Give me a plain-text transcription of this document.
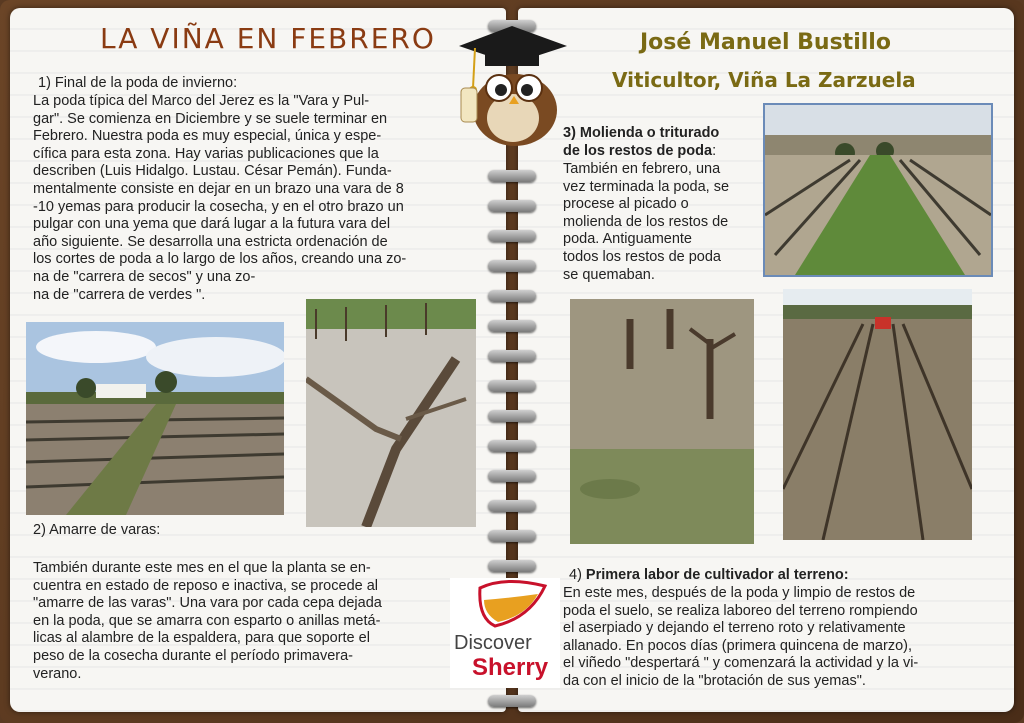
LA VIÑA EN FEBRERO	José Manuel Bustillo
Viticultor, Viña La Zarzuela
1) Final de la poda de invierno:
La poda típica del Marco del Jerez es la "Vara y Pul-
gar". Se comienza en Diciembre y se suele terminar en
Febrero. Nuestra poda es muy especial, única y espe-
cífica para esta zona. Hay varias publicaciones que la
describen (Luis Hidalgo. Lustau. César Pemán). Funda-
mentalmente consiste en dejar en un brazo una vara de 8
-10 yemas para producir la cosecha, y en el otro brazo un
pulgar con una yema que dará lugar a la futura vara del
año siguiente. Se desarrolla una estricta ordenación de
los cortes de poda a lo largo de los años, creando una zo-
na de "carrera de secos" y una zo-
na de "carrera de verdes ".
2) Amarre de varas:
También durante este mes en el que la planta se en-
cuentra en estado de reposo e inactiva, se procede al
"amarre de las varas". Una vara por cada cepa dejada
en la poda, que se amarra con esparto o anillas metá-
licas al alambre de la espaldera, para que soporte el
peso de la cosecha durante el período primavera-
verano.
3) Molienda o triturado
de los restos de poda:
También en febrero, una
vez terminada la poda, se
procese al picado o
molienda de los restos de
poda. Antiguamente
todos los restos de poda
se quemaban.
4) Primera labor de cultivador al terreno:
En este mes, después de la poda y limpio de restos de
poda el suelo, se realiza laboreo del terreno rompiendo
el aserpiado y dejando el terreno roto y relativamente
allanado. En pocos días (primera quincena de marzo),
el viñedo "despertará " y comenzará la actividad y la vi-
da con el inicio de la "brotación de sus yemas".
Discover
Sherry
